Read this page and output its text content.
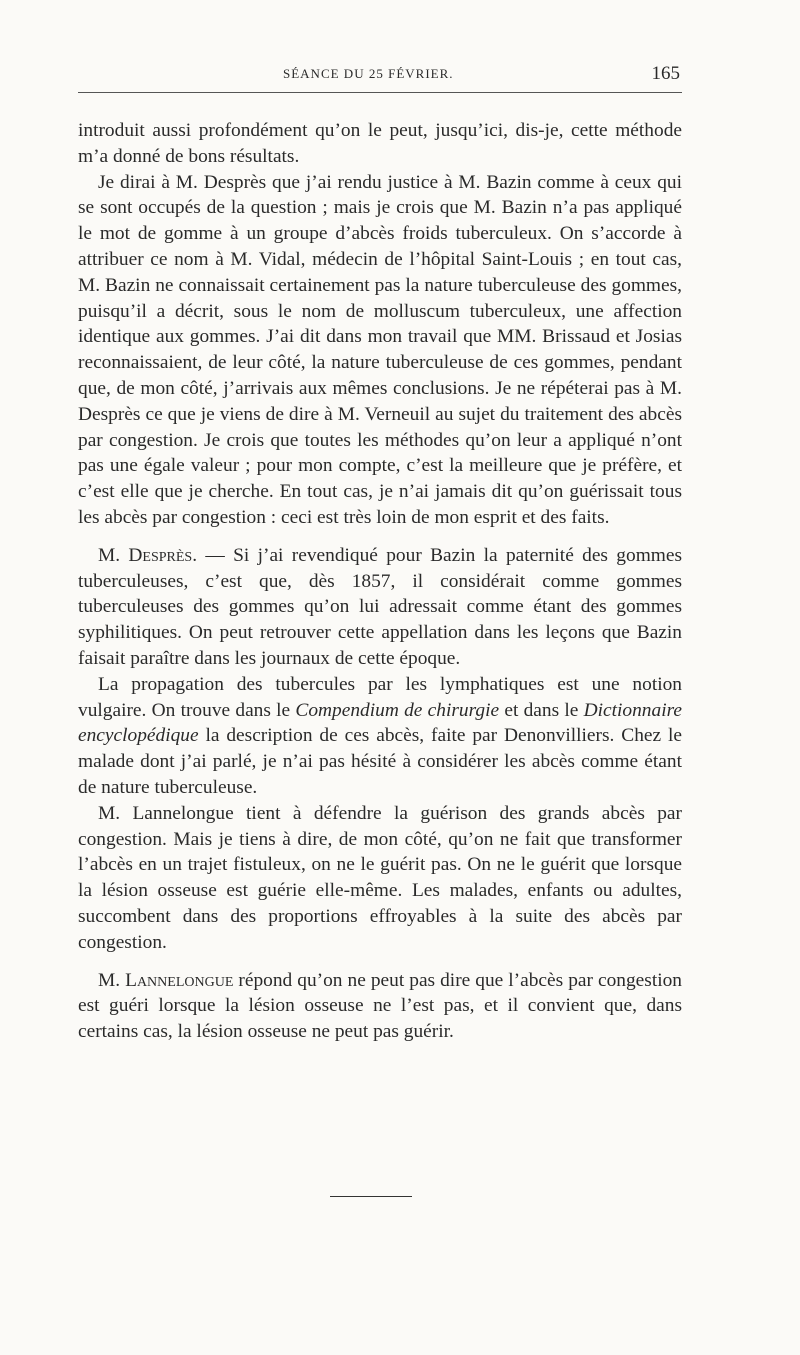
SÉANCE DU 25 FÉVRIER.	165

introduit aussi profondément qu’on le peut, jusqu’ici, dis-je, cette méthode m’a donné de bons résultats.

Je dirai à M. Desprès que j’ai rendu justice à M. Bazin comme à ceux qui se sont occupés de la question ; mais je crois que M. Bazin n’a pas appliqué le mot de gomme à un groupe d’abcès froids tuberculeux. On s’accorde à attribuer ce nom à M. Vidal, médecin de l’hôpital Saint-Louis ; en tout cas, M. Bazin ne connaissait certainement pas la nature tuberculeuse des gommes, puisqu’il a décrit, sous le nom de molluscum tuberculeux, une affection identique aux gommes. J’ai dit dans mon travail que MM. Brissaud et Josias reconnaissaient, de leur côté, la nature tuberculeuse de ces gommes, pendant que, de mon côté, j’arrivais aux mêmes conclusions. Je ne répéterai pas à M. Desprès ce que je viens de dire à M. Verneuil au sujet du traitement des abcès par congestion. Je crois que toutes les méthodes qu’on leur a appliqué n’ont pas une égale valeur ; pour mon compte, c’est la meilleure que je préfère, et c’est elle que je cherche. En tout cas, je n’ai jamais dit qu’on guérissait tous les abcès par congestion : ceci est très loin de mon esprit et des faits.

M. Desprès. — Si j’ai revendiqué pour Bazin la paternité des gommes tuberculeuses, c’est que, dès 1857, il considérait comme gommes tuberculeuses des gommes qu’on lui adressait comme étant des gommes syphilitiques. On peut retrouver cette appellation dans les leçons que Bazin faisait paraître dans les journaux de cette époque.

La propagation des tubercules par les lymphatiques est une notion vulgaire. On trouve dans le Compendium de chirurgie et dans le Dictionnaire encyclopédique la description de ces abcès, faite par Denonvilliers. Chez le malade dont j’ai parlé, je n’ai pas hésité à considérer les abcès comme étant de nature tuberculeuse.

M. Lannelongue tient à défendre la guérison des grands abcès par congestion. Mais je tiens à dire, de mon côté, qu’on ne fait que transformer l’abcès en un trajet fistuleux, on ne le guérit pas. On ne le guérit que lorsque la lésion osseuse est guérie elle-même. Les malades, enfants ou adultes, succombent dans des proportions effroyables à la suite des abcès par congestion.

M. Lannelongue répond qu’on ne peut pas dire que l’abcès par congestion est guéri lorsque la lésion osseuse ne l’est pas, et il convient que, dans certains cas, la lésion osseuse ne peut pas guérir.
